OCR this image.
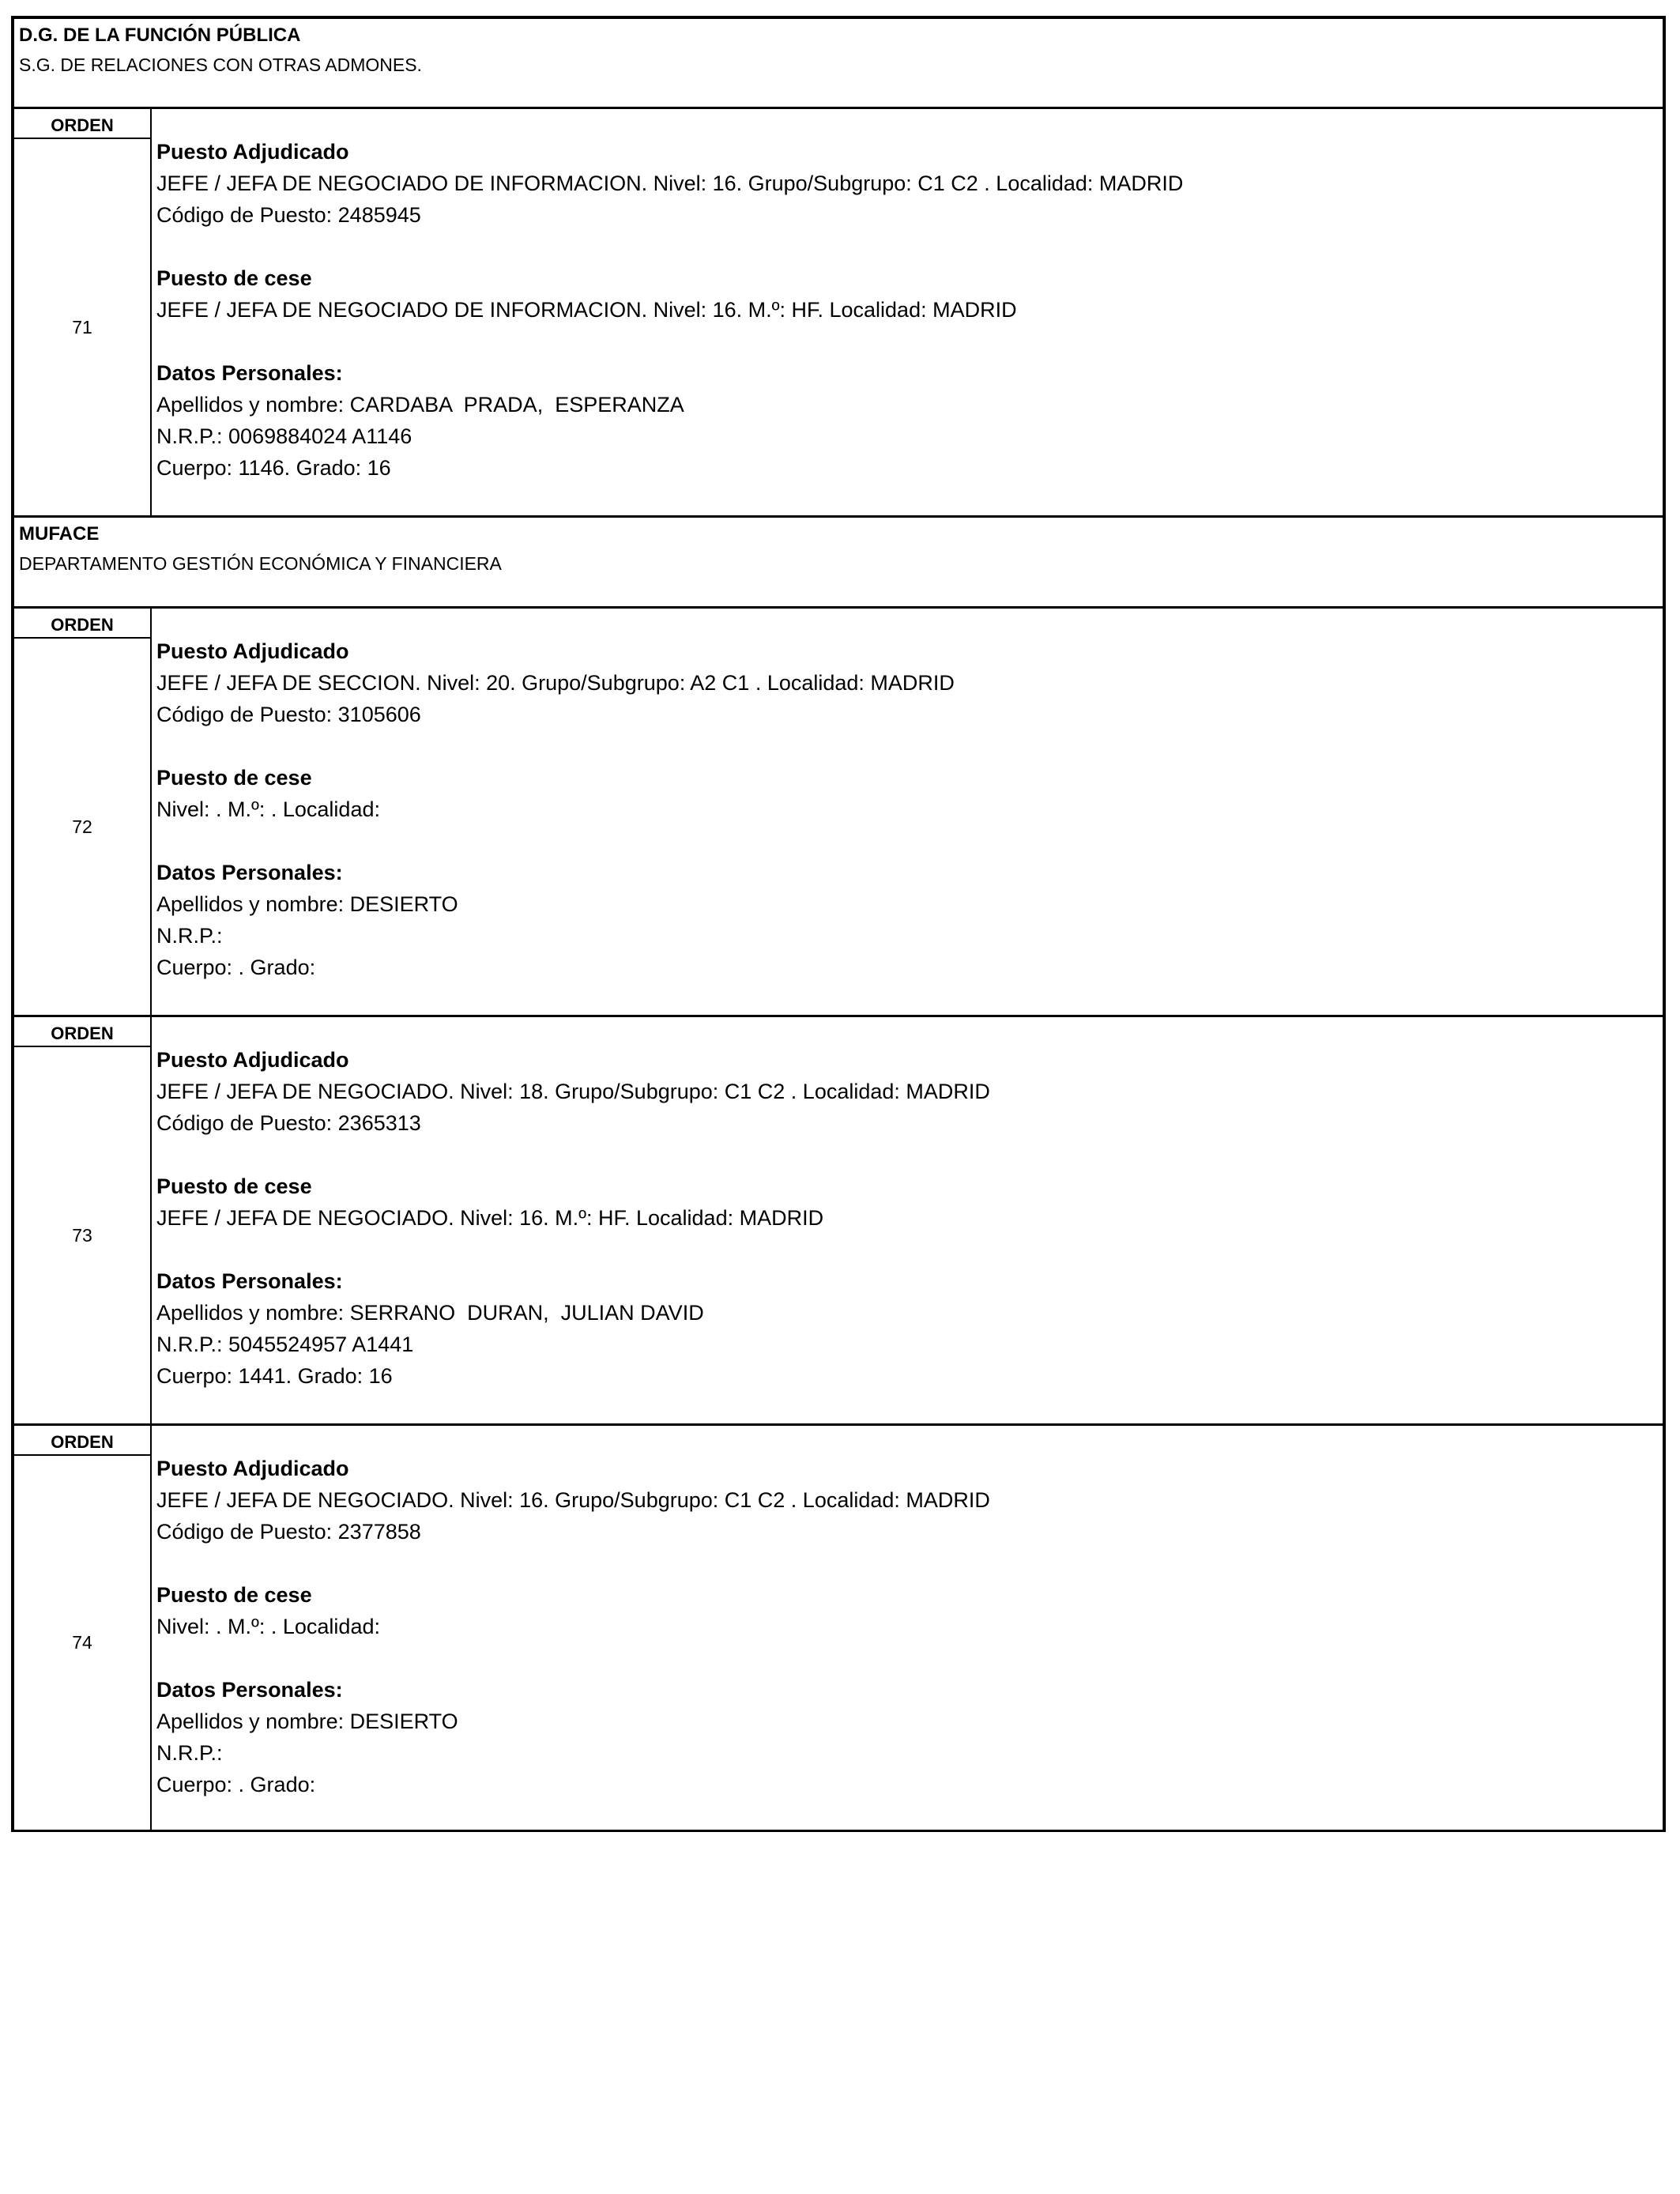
D.G. DE LA FUNCIÓN PÚBLICA
S.G. DE RELACIONES CON OTRAS ADMONES.
ORDEN
71
Puesto Adjudicado
JEFE / JEFA DE NEGOCIADO DE INFORMACION. Nivel: 16. Grupo/Subgrupo: C1 C2 . Localidad: MADRID
Código de Puesto: 2485945
Puesto de cese
JEFE / JEFA DE NEGOCIADO DE INFORMACION. Nivel: 16. M.º: HF. Localidad: MADRID
Datos Personales:
Apellidos y nombre: CARDABA  PRADA,  ESPERANZA
N.R.P.: 0069884024 A1146
Cuerpo: 1146. Grado: 16
MUFACE
DEPARTAMENTO GESTIÓN ECONÓMICA Y FINANCIERA
ORDEN
72
Puesto Adjudicado
JEFE / JEFA DE SECCION. Nivel: 20. Grupo/Subgrupo: A2 C1 . Localidad: MADRID
Código de Puesto: 3105606
Puesto de cese
Nivel: . M.º: . Localidad:
Datos Personales:
Apellidos y nombre: DESIERTO
N.R.P.:
Cuerpo: . Grado:
ORDEN
73
Puesto Adjudicado
JEFE / JEFA DE NEGOCIADO. Nivel: 18. Grupo/Subgrupo: C1 C2 . Localidad: MADRID
Código de Puesto: 2365313
Puesto de cese
JEFE / JEFA DE NEGOCIADO. Nivel: 16. M.º: HF. Localidad: MADRID
Datos Personales:
Apellidos y nombre: SERRANO  DURAN,  JULIAN DAVID
N.R.P.: 5045524957 A1441
Cuerpo: 1441. Grado: 16
ORDEN
74
Puesto Adjudicado
JEFE / JEFA DE NEGOCIADO. Nivel: 16. Grupo/Subgrupo: C1 C2 . Localidad: MADRID
Código de Puesto: 2377858
Puesto de cese
Nivel: . M.º: . Localidad:
Datos Personales:
Apellidos y nombre: DESIERTO
N.R.P.:
Cuerpo: . Grado:
